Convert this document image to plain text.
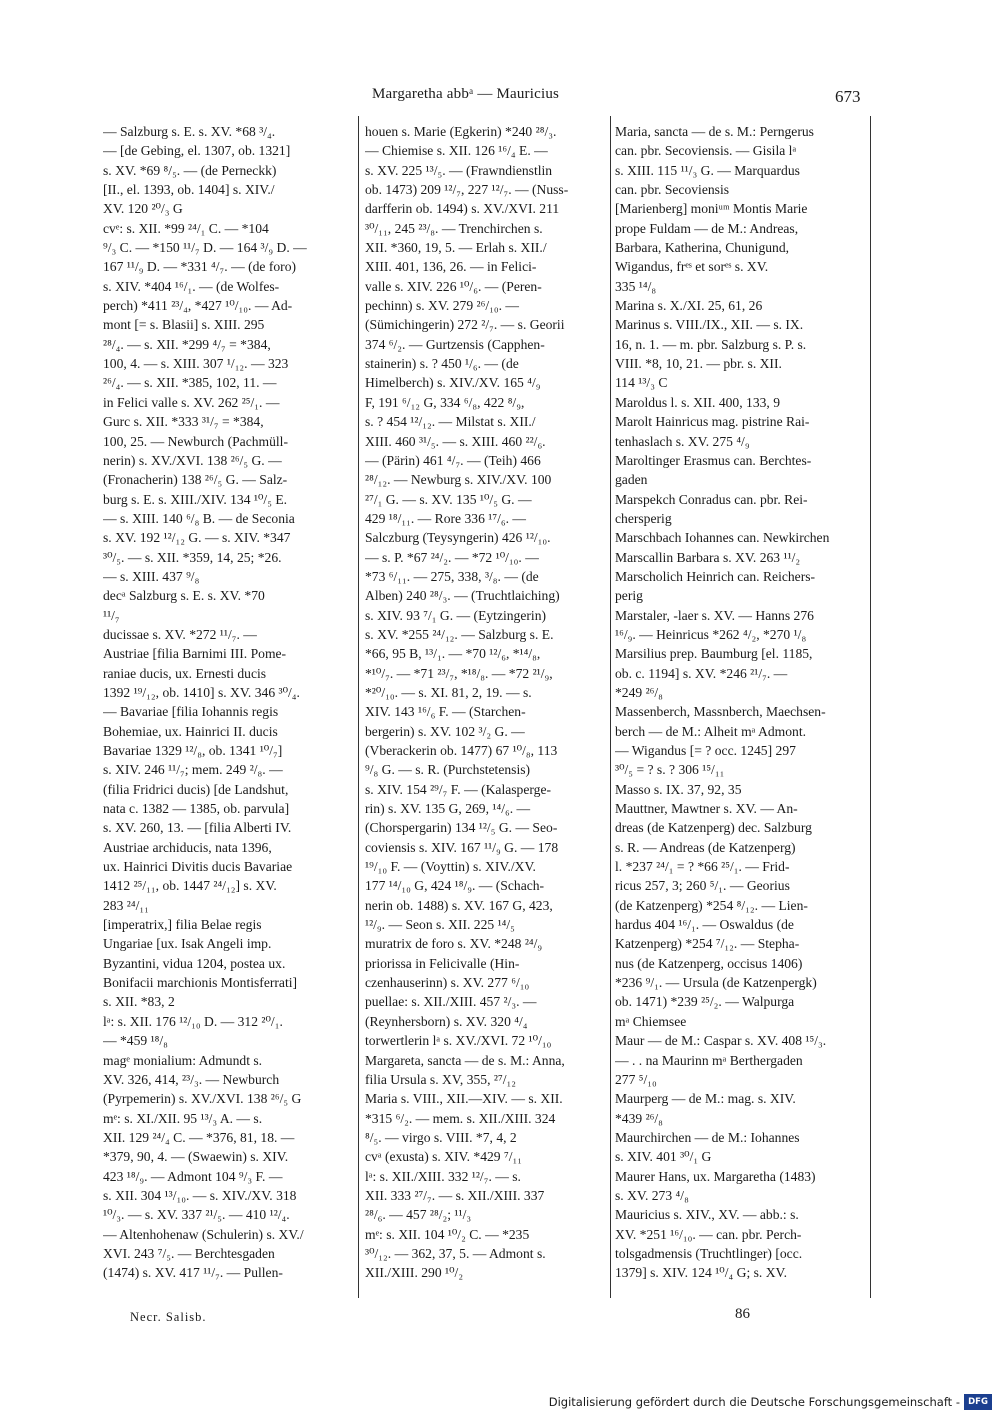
Margaretha abbᵃ — Mauricius	673
— Salzburg s. E. s. XV. *68 ³/₄.
— [de Gebing, el. 1307, ob. 1321]
s. XV. *69 ⁸/₅. — (de Perneckk)
[II., el. 1393, ob. 1404] s. XIV./
XV. 120 ²⁰/₃ G
cvᵉ: s. XII. *99 ²⁴/₁ C. — *104
⁹/₃ C. — *150 ¹¹/₇ D. — 164 ³/₉ D. —
167 ¹¹/₉ D. — *331 ⁴/₇. — (de foro)
s. XIV. *404 ¹⁶/₁. — (de Wolfes-
perch) *411 ²³/₄, *427 ¹⁰/₁₀. — Ad-
mont [= s. Blasii] s. XIII. 295
²⁸/₄. — s. XII. *299 ⁴/₇ = *384,
100, 4. — s. XIII. 307 ¹/₁₂. — 323
²⁶/₄. — s. XII. *385, 102, 11. —
in Felici valle s. XV. 262 ²⁵/₁. —
Gurc s. XII. *333 ³¹/₇ = *384,
100, 25. — Newburch (Pachmüll-
nerin) s. XV./XVI. 138 ²⁶/₅ G. —
(Fronacherin) 138 ²⁶/₅ G. — Salz-
burg s. E. s. XIII./XIV. 134 ¹⁰/₅ E.
— s. XIII. 140 ⁶/₈ B. — de Seconia
s. XV. 192 ¹²/₁₂ G. — s. XIV. *347
³⁰/₅. — s. XII. *359, 14, 25; *26.
— s. XIII. 437 ⁹/₈
decᵃ Salzburg s. E. s. XV. *70
¹¹/₇
ducissae s. XV. *272 ¹¹/₇. —
Austriae [filia Barnimi III. Pome-
raniae ducis, ux. Ernesti ducis
1392 ¹⁹/₁₂, ob. 1410] s. XV. 346 ³⁰/₄.
— Bavariae [filia Iohannis regis
Bohemiae, ux. Hainrici II. ducis
Bavariae 1329 ¹²/₈, ob. 1341 ¹⁰/₇]
s. XIV. 246 ¹¹/₇; mem. 249 ²/₈. —
(filia Fridrici ducis) [de Landshut,
nata c. 1382 — 1385, ob. parvula]
s. XV. 260, 13. — [filia Alberti IV.
Austriae archiducis, nata 1396,
ux. Hainrici Divitis ducis Bavariae
1412 ²⁵/₁₁, ob. 1447 ²⁴/₁₂] s. XV.
283 ²⁴/₁₁
[imperatrix,] filia Belae regis
Ungariae [ux. Isak Angeli imp.
Byzantini, vidua 1204, postea ux.
Bonifacii marchionis Montisferrati]
s. XII. *83, 2
lᵃ: s. XII. 176 ¹²/₁₀ D. — 312 ²⁰/₁.
— *459 ¹⁸/₈
magᵉ monialium: Admundt s.
XV. 326, 414, ²³/₃. — Newburch
(Pyrpemerin) s. XV./XVI. 138 ²⁶/₅ G
mᵉ: s. XI./XII. 95 ¹³/₃ A. — s.
XII. 129 ²⁴/₄ C. — *376, 81, 18. —
*379, 90, 4. — (Swaewin) s. XIV.
423 ¹⁸/₉. — Admont 104 ⁹/₃ F. —
s. XII. 304 ¹³/₁₀. — s. XIV./XV. 318
¹⁰/₃. — s. XV. 337 ²¹/₅. — 410 ¹²/₄.
— Altenhohenaw (Schulerin) s. XV./
XVI. 243 ⁷/₅. — Berchtesgaden
(1474) s. XV. 417 ¹¹/₇. — Pullen-
houen s. Marie (Egkerin) *240 ²⁸/₃.
— Chiemise s. XII. 126 ¹⁶/₄ E. —
s. XV. 225 ¹³/₅. — (Frawndienstlin
ob. 1473) 209 ¹²/₇, 227 ¹²/₇. — (Nuss-
darfferin ob. 1494) s. XV./XVI. 211
³⁰/₁₁, 245 ²³/₈. — Trenchirchen s.
XII. *360, 19, 5. — Erlah s. XII./
XIII. 401, 136, 26. — in Felici-
valle s. XIV. 226 ¹⁰/₆. — (Peren-
pechinn) s. XV. 279 ²⁶/₁₀. —
(Sümichingerin) 272 ²/₇. — s. Georii
374 ⁶/₂. — Gurtzensis (Capphen-
stainerin) s. ? 450 ¹/₆. — (de
Himelberch) s. XIV./XV. 165 ⁴/₉
F, 191 ⁶/₁₂ G, 334 ⁶/₈, 422 ⁸/₉,
s. ? 454 ¹²/₁₂. — Milstat s. XII./
XIII. 460 ³¹/₅. — s. XIII. 460 ²²/₆.
— (Pärin) 461 ⁴/₇. — (Teih) 466
²⁸/₁₂. — Newburg s. XIV./XV. 100
²⁷/₁ G. — s. XV. 135 ¹⁰/₅ G. —
429 ¹⁸/₁₁. — Rore 336 ¹⁷/₆. —
Salczburg (Teysyngerin) 426 ¹²/₁₀.
— s. P. *67 ²⁴/₂. — *72 ¹⁰/₁₀. —
*73 ⁶/₁₁. — 275, 338, ³/₈. — (de
Alben) 240 ²⁸/₃. — (Truchtlaiching)
s. XIV. 93 ⁷/₁ G. — (Eytzingerin)
s. XV. *255 ²⁴/₁₂. — Salzburg s. E.
*66, 95 B, ¹³/₁. — *70 ¹²/₆, *¹⁴/₈,
*¹⁰/₇. — *71 ²³/₇, *¹⁸/₈. — *72 ²¹/₉,
*²⁰/₁₀. — s. XI. 81, 2, 19. — s.
XIV. 143 ¹⁶/₆ F. — (Starchen-
bergerin) s. XV. 102 ³/₂ G. —
(Vberackerin ob. 1477) 67 ¹⁰/₈, 113
⁹/₈ G. — s. R. (Purchstetensis)
s. XIV. 154 ²⁹/₇ F. — (Kalasperge-
rin) s. XV. 135 G, 269, ¹⁴/₆. —
(Chorspergarin) 134 ¹²/₅ G. — Seo-
coviensis s. XIV. 167 ¹¹/₉ G. — 178
¹⁹/₁₀ F. — (Voyttin) s. XIV./XV.
177 ¹⁴/₁₀ G, 424 ¹⁸/₉. — (Schach-
nerin ob. 1488) s. XV. 167 G, 423,
¹²/₉. — Seon s. XII. 225 ¹⁴/₅
muratrix de foro s. XV. *248 ²⁴/₉
priorissa in Felicivalle (Hin-
czenhauserinn) s. XV. 277 ⁶/₁₀
puellae: s. XII./XIII. 457 ²/₃. —
(Reynhersborn) s. XV. 320 ⁴/₄
torwertlerin lᵃ s. XV./XVI. 72 ¹⁰/₁₀
Margareta, sancta — de s. M.: Anna,
filia Ursula s. XV, 355, ²⁷/₁₂
Maria s. VIII., XII.—XIV. — s. XII.
*315 ⁶/₂. — mem. s. XII./XIII. 324
⁸/₅. — virgo s. VIII. *7, 4, 2
cvᵃ (exusta) s. XIV. *429 ⁷/₁₁
lᵃ: s. XII./XIII. 332 ¹²/₇. — s.
XII. 333 ²⁷/₇. — s. XII./XIII. 337
²⁸/₆. — 457 ²⁸/₂; ¹¹/₃
mᵉ: s. XII. 104 ¹⁰/₂ C. — *235
³⁰/₁₂. — 362, 37, 5. — Admont s.
XII./XIII. 290 ¹⁰/₂
Maria, sancta — de s. M.: Perngerus
can. pbr. Secoviensis. — Gisila lᵃ
s. XIII. 115 ¹¹/₃ G. — Marquardus
can. pbr. Secoviensis
[Marienberg] moniᵘᵐ Montis Marie
prope Fuldam — de M.: Andreas,
Barbara, Katherina, Chunigund,
Wigandus, frᵉˢ et sorᵉˢ s. XV.
335 ¹⁴/₈
Marina s. X./XI. 25, 61, 26
Marinus s. VIII./IX., XII. — s. IX.
16, n. 1. — m. pbr. Salzburg s. P. s.
VIII. *8, 10, 21. — pbr. s. XII.
114 ¹³/₃ C
Maroldus l. s. XII. 400, 133, 9
Marolt Hainricus mag. pistrine Rai-
tenhaslach s. XV. 275 ⁴/₉
Maroltinger Erasmus can. Berchtes-
gaden
Marspekch Conradus can. pbr. Rei-
chersperig
Marschbach Iohannes can. Newkirchen
Marscallin Barbara s. XV. 263 ¹¹/₂
Marscholich Heinrich can. Reichers-
perig
Marstaler, -laer s. XV. — Hanns 276
¹⁶/₉. — Heinricus *262 ⁴/₂, *270 ¹/₈
Marsilius prep. Baumburg [el. 1185,
ob. c. 1194] s. XV. *246 ²¹/₇. —
*249 ²⁶/₈
Massenberch, Massnberch, Maechsen-
berch — de M.: Alheit mᵃ Admont.
— Wigandus [= ? occ. 1245] 297
³⁰/₅ = ? s. ? 306 ¹⁵/₁₁
Masso s. IX. 37, 92, 35
Mauttner, Mawtner s. XV. — An-
dreas (de Katzenperg) dec. Salzburg
s. R. — Andreas (de Katzenperg)
l. *237 ²⁴/₁ = ? *66 ²⁵/₁. — Frid-
ricus 257, 3; 260 ⁵/₁. — Georius
(de Katzenperg) *254 ⁸/₁₂. — Lien-
hardus 404 ¹⁶/₁. — Oswaldus (de
Katzenperg) *254 ⁷/₁₂. — Stepha-
nus (de Katzenperg, occisus 1406)
*236 ⁹/₁. — Ursula (de Katzenpergk)
ob. 1471) *239 ²⁵/₂. — Walpurga
mᵃ Chiemsee
Maur — de M.: Caspar s. XV. 408 ¹⁵/₃.
— . . na Maurinn mᵃ Berthergaden
277 ⁵/₁₀
Maurperg — de M.: mag. s. XIV.
*439 ²⁶/₈
Maurchirchen — de M.: Iohannes
s. XIV. 401 ³⁰/₁ G
Maurer Hans, ux. Margaretha (1483)
s. XV. 273 ⁴/₈
Mauricius s. XIV., XV. — abb.: s.
XV. *251 ¹⁶/₁₀. — can. pbr. Perch-
tolsgadmensis (Truchtlinger) [occ.
1379] s. XIV. 124 ¹⁰/₄ G; s. XV.
Necr. Salisb.	86
Digitalisierung gefördert durch die Deutsche Forschungsgemeinschaft - DFG
